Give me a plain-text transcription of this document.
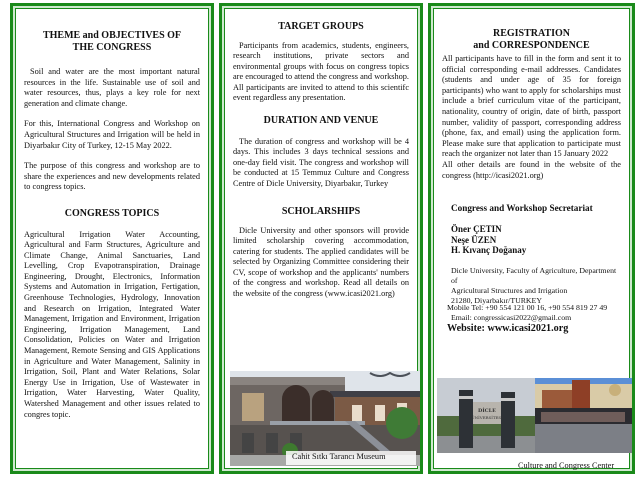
THEME and OBJECTIVES OF

THE CONGRESS

Soil and water are the most important natural resources in the life. Sustainable use of soil and water resources, thus, plays a key role for next generation and climate change.

For this, International Congress and Workshop on Agricultural Structures and Irrigation will be held in Diyarbakır City of Turkey, 12-15 May 2022.

The purpose of this congress and workshop are to share the experiences and new developments related to congress topics.

CONGRESS TOPICS

Agricultural Irrigation Water Accounting, Agricultural and Farm Structures, Agriculture and Climate Change, Animal Sanctuaries, Land Levelling, Crop Evapotranspiration, Drainage Engineering, Drought, Electronics, Information Systems and Automation in Irrigation, Fertigation, Greenhouse Technologies, Hydrology, Innovation and Research on Irrigation, Integrated Water Management, Irrigation and Environment, Irrigation Engineering, Irrigation Management, Land Consolidation, Policies on Water and Irrigation Management, Remote Sensing and GIS Applications in Agriculture and Water Management, Salinity in Irrigation, Soil, Plant and Water Relations, Solar Energy Use in Irrigation, Use of Wastewater in Irrigation, Water Harvesting, Water Quality, Watershed Management and other issues related to congres topic.

TARGET GROUPS

Participants from academics, students, engineers, research institutions, private sectors and environmental groups with focus on congress topics are encouraged to attend the congress and workshop. All participants are invited to attend to this scientifc event regardless any presentation.

DURATION AND VENUE

The duration of congress and workshop will be 4 days. This includes 3 days technical sessions and one-day field visit. The congress and workshop will be conducted at 15 Temmuz Culture and Congress Centre of Dicle University, Diyarbakır, Turkey

SCHOLARSHIPS

Dicle University and other sponsors will provide limited scholarship covering accommodation, catering for students. The applied candidates will be selected by Organizing Committee considering their CV, scope of workshop and the applicants' numbers of the congress and workshop. Read all details on the website of the congress (www.icasi2021.org)

Cahit Sıtkı Tarancı Museum

REGISTRATION

and CORRESPONDENCE

All participants have to fill in the form and sent it to official corresponding e-mail addresses. Candidates (students and under age of 35 for foreign participants) who want to apply for scholarships must include a brief curriculum vitae of the participant, nationality, country of origin, date of birth, passport number, validity of passport, corresponding address (phone, fax, and email) using the application form. Please make sure that application to participate must reach the organizer not later than 15 January 2022

All other details are found in the website of the congress (http://icasi2021.org)

Congress and Workshop Secretariat

Öner ÇETIN

Neşe ÜZEN

H. Kıvanç Doğanay

Dicle University, Faculty of Agriculture, Department of

Agricultural Structures and Irrigation

21280, Diyarbakır/TURKEY

Mobile Tel: +90 554 121 00 16, +90 554 819 27 49

Email: congressicasi2022@gmail.com

Website: www.icasi2021.org

DİCLE
ÜNİVERSİTESİ
Culture and Congress Center
